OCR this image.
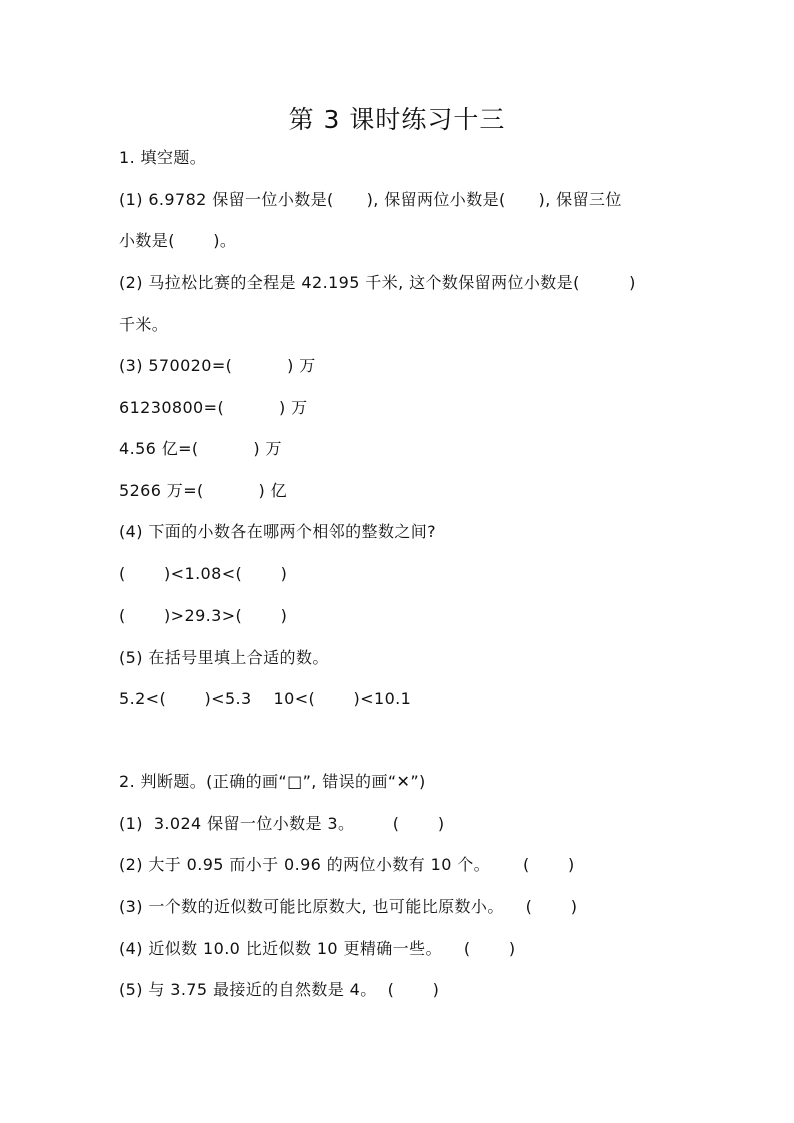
第 3 课时练习十三
1. 填空题。
(1) 6.9782 保留一位小数是(      ), 保留两位小数是(      ), 保留三位
小数是(       )。
(2) 马拉松比赛的全程是 42.195 千米, 这个数保留两位小数是(         )
千米。
(3) 570020=(          ) 万
61230800=(          ) 万
4.56 亿=(          ) 万
5266 万=(          ) 亿
(4) 下面的小数各在哪两个相邻的整数之间?
(       )<1.08<(       )
(       )>29.3>(       )
(5) 在括号里填上合适的数。
5.2<(       )<5.3    10<(       )<10.1
2. 判断题。(正确的画“□”, 错误的画“✕”)
(1)  3.024 保留一位小数是 3。       (       )
(2) 大于 0.95 而小于 0.96 的两位小数有 10 个。      (       )
(3) 一个数的近似数可能比原数大, 也可能比原数小。    (       )
(4) 近似数 10.0 比近似数 10 更精确一些。    (       )
(5) 与 3.75 最接近的自然数是 4。  (       )
